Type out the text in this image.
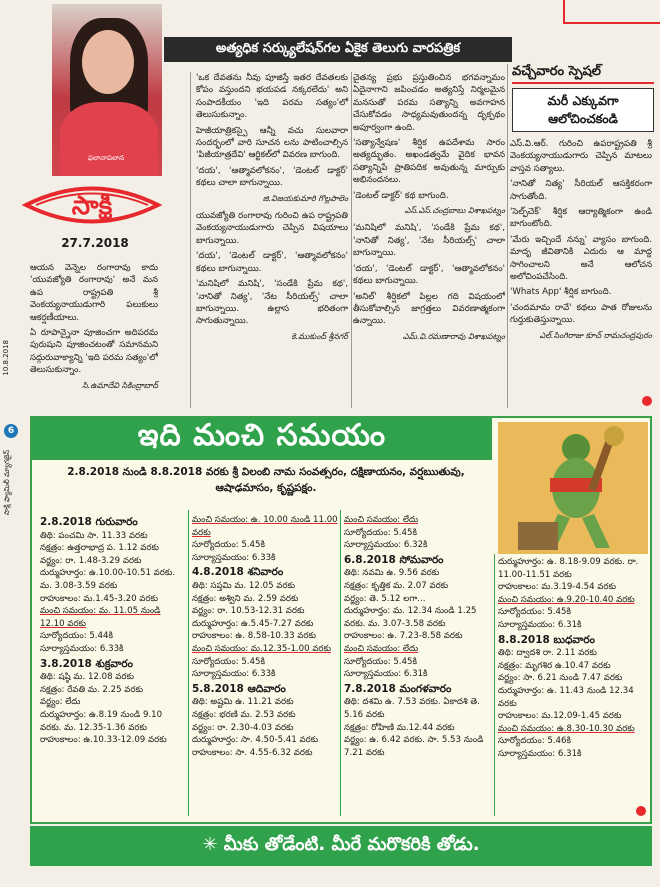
ఫలానాపలాన
అత్యధిక సర్క్యులేషన్‌గల ఏకైక తెలుగు వారపత్రిక
సాక్షి
27.7.2018
10.8.2018
6
సాక్షి ఫ్యామిలీ మ్యాగజైన్

ఆయన వెన్నెల రంగారావు కాదు 'యువజ్యోతి రంగారావు' అనే మన ఉప రాష్ట్రపతి శ్రీ వెంకయ్యనాయుడుగారి పలుకులు ఆకర్షణీయాలు.

ఏ రూపాన్నైనా పూజించగా అదిపరమ పురుషుని పూజించటంతో సమానమని సద్గురువాక్యాన్ని 'ఇది పరమ సత్యం'లో తెలుసుకున్నాం.

సి.ఉమాదేవి సికింద్రాబాద్

'ఒక దేవతను నీవు పూజిస్తే ఇతర దేవతలకు కోపం వస్తుందని భయపడ నక్కరలేదు' అని సంపాదకీయం 'ఇది పరమ సత్యం'లో తెలుసుకున్నాం.

హెజీయాత్రికస్పై ఆన్నీ వచు సులవారా సందర్భంలో వారి సూచన లను పాటించాల్సిన 'పిజీయాత్రదేవి' ఆర్టికల్‌లో వివరణ బాగుంది.

'దయ', 'ఆత్మావలోకనం', 'డెంటల్ డాక్టర్' కథలు చాలా బాగున్నాయి.

జి.విజయకుమారి గొల్లపాలెం

యువజ్యోతి రంగారావు గురించి ఉప రాష్ట్రపతి వెంకయ్యనాయుడుగారు చెప్పిన విషయాలు బాగున్నాయి.

'దయ', 'డెంటల్ డాక్టర్', 'ఆత్మావలోకనం' కథలు బాగున్నాయి.

'మనిషిలో మనిషి', 'సండేకి ప్రేమ కథ', 'నానితో నిత్య', 'నేట సీరియల్స్' చాలా బాగున్నాయి. ఉల్లాస భరితంగా సాగుతున్నాయి.

కె.ముకుంద్ శ్రీనగర్

చైతన్య ప్రభు ప్రస్తుతించిన భగవన్నామం ఏదైనాగాని జపించడం అత్యనిస్తే నిర్మలమైన మనసుతో పరమ సత్యాన్ని అవగాహన చేసుకోవడం సాధ్యమవుతుందన్న దృక్పథం అపూర్వంగా ఉంది.

'సత్యాన్వేషణ' శీర్షిక ఉపదేశామ సారం అత్యద్భుతం. అఖండత్వమే వైదిక భావన సత్యాన్నిపే ప్రాతిపదిక అవుతున్న మార్పుకు అభినందనలు.

'డెంటల్ డాక్టర్' కథ బాగుంది.

ఎస్.ఎస్.చంద్రబాబు విశాఖపట్నం

'మనిషిలో మనిషి', 'సండేకి ప్రేమ కథ', 'నానితో నిత్య', 'నేట సీరియల్స్' చాలా బాగున్నాయి.

'దయ', 'డెంటల్ డాక్టర్', 'ఆత్మావలోకనం' కథలు బాగున్నాయి.

'అనిల్' శీర్షికలో పిల్లల గది విషయంలో తీసుకోవాల్సిన జాగ్రత్తలు వివరణాత్మకంగా ఉన్నాయి.

ఎమ్.వి.రమణారావు విశాఖపట్నం
వచ్చేవారం స్పెషల్
మరీ ఎక్కువగా
ఆలోచించకండి

ఎస్.వి.ఆర్. గురించి ఉపరాష్ట్రపతి శ్రీ వెంకయ్యనాయుడుగారు చెప్పిన మాటలు వాస్తవ సత్యాలు.

'నానితో నిత్య' సీరియల్ ఆసక్తికరంగా సాగుతోంది.

'సెల్ఫ్‌చెక్' శీర్షిక ఆర్యాత్మికంగా ఉండి బాగుంటోంది.

'మేరు ఇచ్చిందే నన్ను' వ్యాసం బాగుంది. మాదృ జీవితానికి ఎదురు ఆ మాద్ద సాగించాలని అనే ఆలోచన అలోచింపచేసింది.

'Whats App' శీర్షిక బాగుంది.

'చందమామ రావే' కథలు పాత రోజులను గుర్తుకుతెస్తున్నాయి.

ఎల్.సింగిరాజు కూచ్‌ రామచంద్రపురం
ఇది మంచి సమయం
2.8.2018 నుండి 8.8.2018 వరకు శ్రీ విలంబి నామ సంవత్సరం, దక్షిణాయనం, వర్షఋతువు, ఆషాఢమాసం, కృష్ణపక్షం.
2.8.2018 గురువారం
తిథి: పంచమి సా. 11.33 వరకు
నక్షత్రం: ఉత్తరాభాద్ర ప. 1.12 వరకు
వర్జ్యం: రా. 1.48-3.29 వరకు
దుర్ముహూర్తం: ఉ.10.00-10.51 వరకు. మ. 3.08-3.59 వరకు
రాహుకాలం: మ.1.45-3.20 వరకు
మంచి సమయం: మ. 11.05 నుండి 12.10 వరకు
సూర్యోదయం: 5.44కి
సూర్యాస్తమయం: 6.33కి
3.8.2018 శుక్రవారం
తిథి: షష్ఠి మ. 12.08 వరకు
నక్షత్రం: రేవతి మ. 2.25 వరకు
వర్జ్యం: లేదు
దుర్ముహూర్తం: ఉ.8.19 నుండి 9.10 వరకు. మ. 12.35-1.36 వరకు
రాహుకాలం: ఉ.10.33-12.09 వరకు
మంచి సమయం: ఉ. 10.00 నుండి 11.00 వరకు
సూర్యోదయం: 5.45కి
సూర్యాస్తమయం: 6.33కి
4.8.2018 శనివారం
తిథి: సప్తమి మ. 12.05 వరకు
నక్షత్రం: అశ్విని మ. 2.59 వరకు
వర్జ్యం: రా. 10.53-12.31 వరకు
దుర్ముహూర్తం: ఉ.5.45-7.27 వరకు
రాహుకాలం: ఉ. 8.58-10.33 వరకు
మంచి సమయం: మ.12.35-1.00 వరకు
సూర్యోదయం: 5.45కి
సూర్యాస్తమయం: 6.33కి
5.8.2018 ఆదివారం
తిథి: అష్టమి ఉ. 11.21 వరకు
నక్షత్రం: భరణి మ. 2.53 వరకు
వర్జ్యం: రా. 2.30-4.03 వరకు
దుర్ముహూర్తం: సా. 4.50-5.41 వరకు
రాహుకాలం: సా. 4.55-6.32 వరకు
మంచి సమయం: లేదు
సూర్యోదయం: 5.45కి
సూర్యాస్తమయం: 6.32కి
6.8.2018 సోమవారం
తిథి: నవమి ఉ. 9.56 వరకు
నక్షత్రం: కృత్తిక మ. 2.07 వరకు
వర్జ్యం: తె. 5.12 లగా...
దుర్ముహూర్తం: మ. 12.34 నుండి 1.25 వరకు. మ. 3.07-3.58 వరకు
రాహుకాలం: ఉ. 7.23-8.58 వరకు
మంచి సమయం: లేదు
సూర్యోదయం: 5.45కి
సూర్యాస్తమయం: 6.31కి
7.8.2018 మంగళవారం
తిథి: దశమి ఉ. 7.53 వరకు. ఏకాదశి తె. 5.16 వరకు
నక్షత్రం: రోహిణి మ.12.44 వరకు
వర్జ్యం: ఉ. 6.42 వరకు. సా. 5.53 నుండి 7.21 వరకు
దుర్ముహూర్తం: ఉ. 8.18-9.09 వరకు. రా. 11.00-11.51 వరకు
రాహుకాలం: మ.3.19-4.54 వరకు
మంచి సమయం: ఉ.9.20-10.40 వరకు
సూర్యోదయం: 5.45కి
సూర్యాస్తమయం: 6.31కి
8.8.2018 బుధవారం
తిథి: ద్వాదశి రా. 2.11 వరకు
నక్షత్రం: మృగశిర ఉ.10.47 వరకు
వర్జ్యం: సా. 6.21 నుండి 7.47 వరకు
దుర్ముహూర్తం: ఉ. 11.43 నుండి 12.34 వరకు
రాహుకాలం: మ.12.09-1.45 వరకు
మంచి సమయం: ఉ.8.30-10.30 వరకు
సూర్యోదయం: 5.46కి
సూర్యాస్తమయం: 6.31కి
✳ మీకు తోడేంటి. మీరే మరొకరికి తోడు.
